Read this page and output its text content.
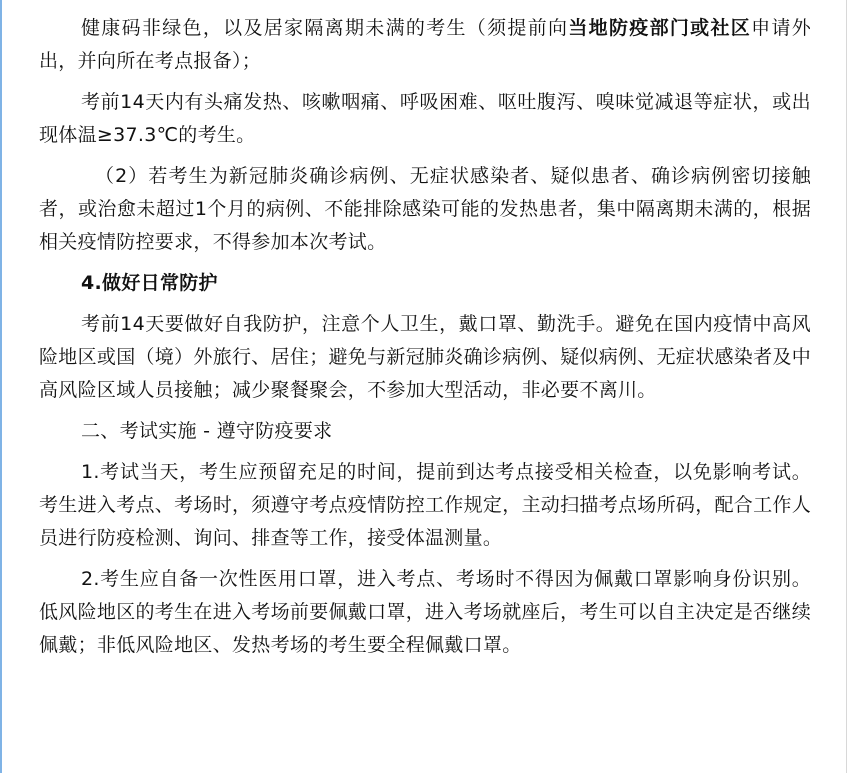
健康码非绿色，以及居家隔离期未满的考生（须提前向当地防疫部门或社区申请外出，并向所在考点报备）；

考前14天内有头痛发热、咳嗽咽痛、呼吸困难、呕吐腹泻、嗅味觉减退等症状，或出现体温≥37.3℃的考生。

（2）若考生为新冠肺炎确诊病例、无症状感染者、疑似患者、确诊病例密切接触者，或治愈未超过1个月的病例、不能排除感染可能的发热患者，集中隔离期未满的，根据相关疫情防控要求，不得参加本次考试。

4.做好日常防护

考前14天要做好自我防护，注意个人卫生，戴口罩、勤洗手。避免在国内疫情中高风险地区或国（境）外旅行、居住；避免与新冠肺炎确诊病例、疑似病例、无症状感染者及中高风险区域人员接触；减少聚餐聚会，不参加大型活动，非必要不离川。

二、考试实施 - 遵守防疫要求

1.考试当天，考生应预留充足的时间，提前到达考点接受相关检查，以免影响考试。考生进入考点、考场时，须遵守考点疫情防控工作规定，主动扫描考点场所码，配合工作人员进行防疫检测、询问、排查等工作，接受体温测量。

2.考生应自备一次性医用口罩，进入考点、考场时不得因为佩戴口罩影响身份识别。低风险地区的考生在进入考场前要佩戴口罩，进入考场就座后，考生可以自主决定是否继续佩戴；非低风险地区、发热考场的考生要全程佩戴口罩。
